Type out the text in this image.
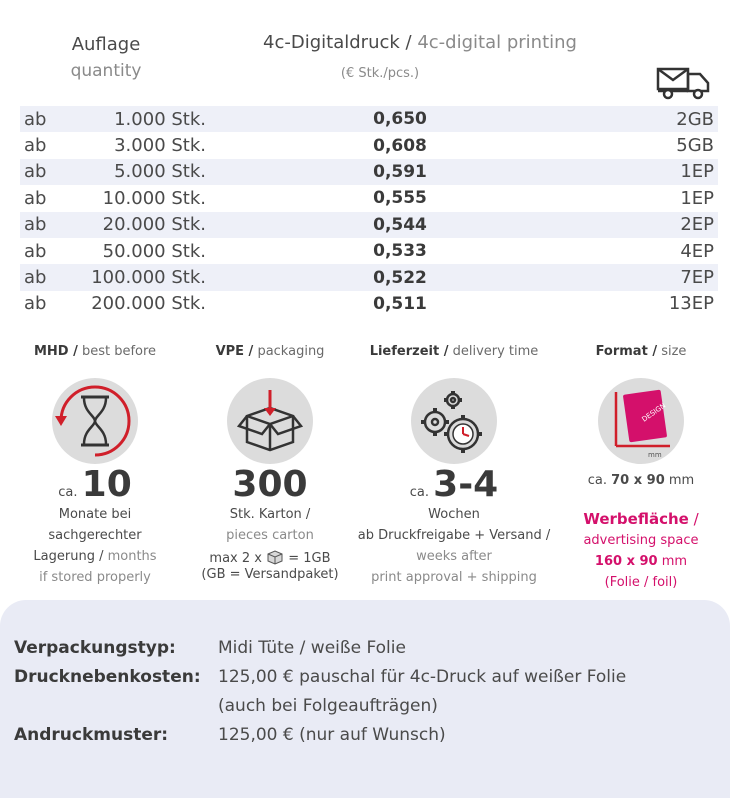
Auflage
quantity
4c-Digitaldruck / 4c-digital printing
(€ Stk./pcs.)
ab	1.000 Stk.	0,650	2GB
ab	3.000 Stk.	0,608	5GB
ab	5.000 Stk.	0,591	1EP
ab	10.000 Stk.	0,555	1EP
ab	20.000 Stk.	0,544	2EP
ab	50.000 Stk.	0,533	4EP
ab	100.000 Stk.	0,522	7EP
ab	200.000 Stk.	0,511	13EP
MHD / best before
ca. 10
Monate bei
sachgerechter
Lagerung / months
if stored properly
VPE / packaging
300
Stk. Karton /
pieces carton
max 2 x = 1GB
(GB = Versandpaket)
Lieferzeit / delivery time
ca. 3-4
Wochen
ab Druckfreigabe + Versand /
weeks after
print approval + shipping
Format / size
DESIGN
mm
ca. 70 x 90 mm
Werbefläche /
advertising space
160 x 90 mm
(Folie / foil)
Verpackungstyp: Midi Tüte / weiße Folie
Drucknebenkosten: 125,00 € pauschal für 4c-Druck auf weißer Folie
(auch bei Folgeaufträgen)
Andruckmuster:	125,00 € (nur auf Wunsch)
